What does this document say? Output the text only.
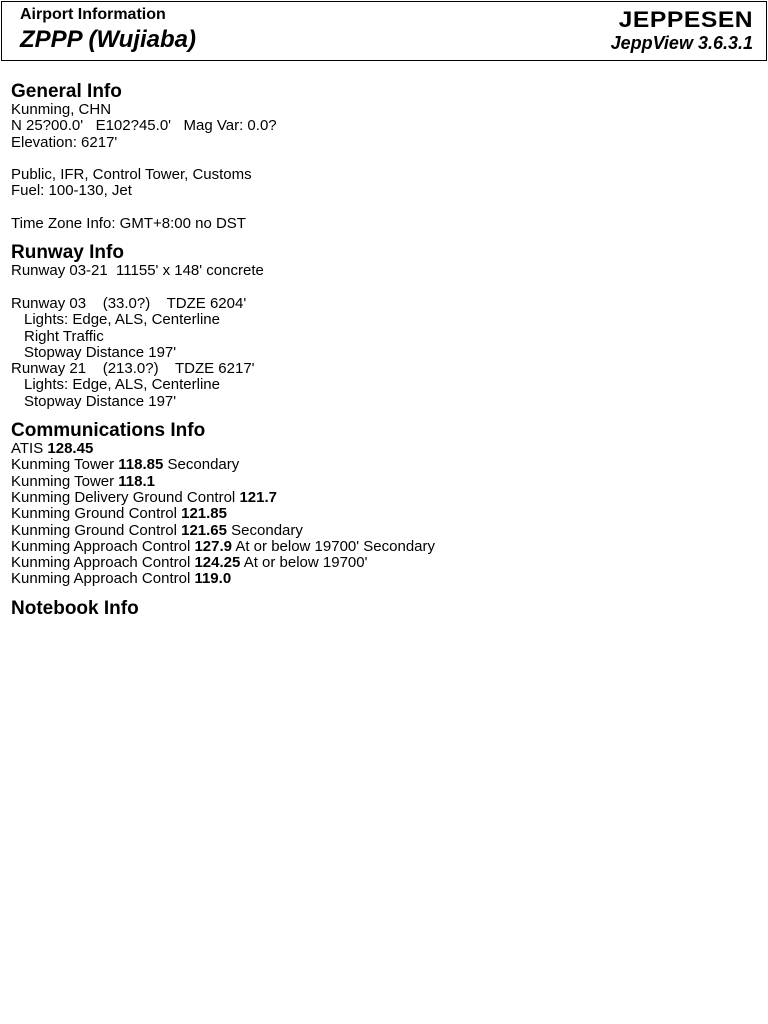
Airport Information
ZPPP (Wujiaba)
JEPPESEN
JeppView 3.6.3.1
General Info
Kunming, CHN
N 25?00.0'   E102?45.0'   Mag Var: 0.0?
Elevation: 6217'
Public, IFR, Control Tower, Customs
Fuel: 100-130, Jet
Time Zone Info: GMT+8:00 no DST
Runway Info
Runway 03-21  11155' x 148' concrete
Runway 03    (33.0?)    TDZE 6204'
Lights: Edge, ALS, Centerline
Right Traffic
Stopway Distance 197'
Runway 21    (213.0?)    TDZE 6217'
Lights: Edge, ALS, Centerline
Stopway Distance 197'
Communications Info
ATIS 128.45
Kunming Tower 118.85 Secondary
Kunming Tower 118.1
Kunming Delivery Ground Control 121.7
Kunming Ground Control 121.85
Kunming Ground Control 121.65 Secondary
Kunming Approach Control 127.9 At or below 19700' Secondary
Kunming Approach Control 124.25 At or below 19700'
Kunming Approach Control 119.0
Notebook Info
